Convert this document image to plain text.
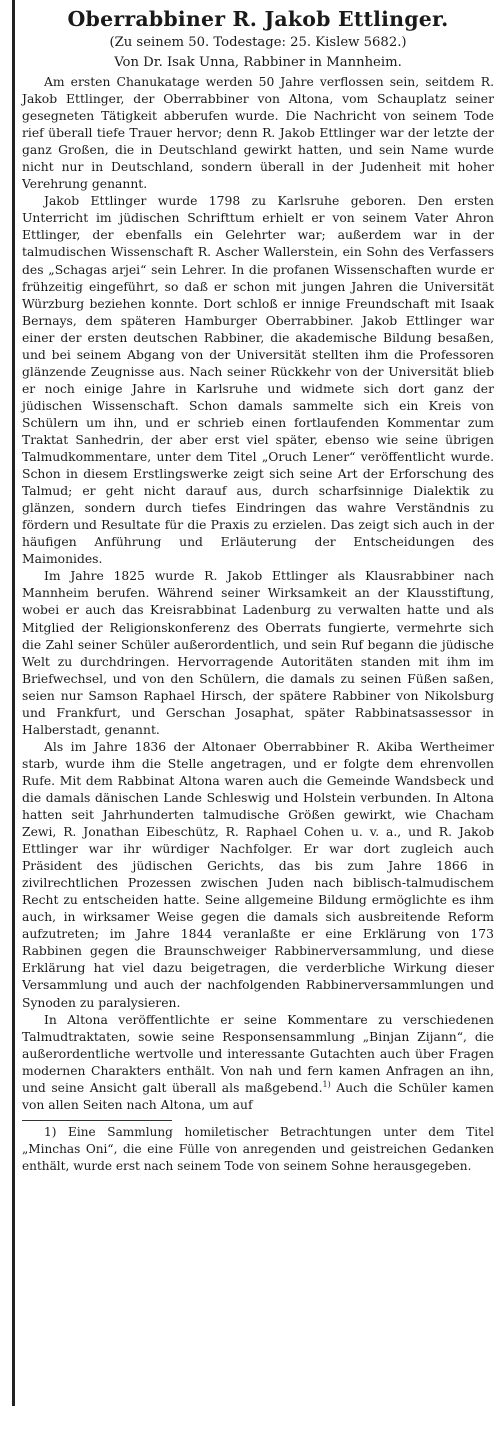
Oberrabbiner R. Jakob Ettlinger.
(Zu seinem 50. Todestage: 25. Kislew 5682.)
Von Dr. Isak Unna, Rabbiner in Mannheim.

Am ersten Chanukatage werden 50 Jahre verflossen sein, seitdem R. Jakob Ettlinger, der Oberrabbiner von Altona, vom Schauplatz seiner gesegneten Tätigkeit abberufen wurde. Die Nachricht von seinem Tode rief überall tiefe Trauer hervor; denn R. Jakob Ettlinger war der letzte der ganz Großen, die in Deutschland gewirkt hatten, und sein Name wurde nicht nur in Deutschland, sondern überall in der Judenheit mit hoher Verehrung genannt.

Jakob Ettlinger wurde 1798 zu Karlsruhe geboren. Den ersten Unterricht im jüdischen Schrifttum erhielt er von seinem Vater Ahron Ettlinger, der ebenfalls ein Gelehrter war; außerdem war in der talmudischen Wissenschaft R. Ascher Wallerstein, ein Sohn des Verfassers des „Schagas arjei“ sein Lehrer. In die profanen Wissenschaften wurde er frühzeitig eingeführt, so daß er schon mit jungen Jahren die Universität Würzburg beziehen konnte. Dort schloß er innige Freundschaft mit Isaak Bernays, dem späteren Hamburger Oberrabbiner. Jakob Ettlinger war einer der ersten deutschen Rabbiner, die akademische Bildung besaßen, und bei seinem Abgang von der Universität stellten ihm die Professoren glänzende Zeugnisse aus. Nach seiner Rückkehr von der Universität blieb er noch einige Jahre in Karlsruhe und widmete sich dort ganz der jüdischen Wissenschaft. Schon damals sammelte sich ein Kreis von Schülern um ihn, und er schrieb einen fortlaufenden Kommentar zum Traktat Sanhedrin, der aber erst viel später, ebenso wie seine übrigen Talmudkommentare, unter dem Titel „Oruch Lener“ veröffentlicht wurde. Schon in diesem Erstlingswerke zeigt sich seine Art der Erforschung des Talmud; er geht nicht darauf aus, durch scharfsinnige Dialektik zu glänzen, sondern durch tiefes Eindringen das wahre Verständnis zu fördern und Resultate für die Praxis zu erzielen. Das zeigt sich auch in der häufigen Anführung und Erläuterung der Entscheidungen des Maimonides.

Im Jahre 1825 wurde R. Jakob Ettlinger als Klausrabbiner nach Mannheim berufen. Während seiner Wirksamkeit an der Klausstiftung, wobei er auch das Kreisrabbinat Ladenburg zu verwalten hatte und als Mitglied der Religionskonferenz des Oberrats fungierte, vermehrte sich die Zahl seiner Schüler außerordentlich, und sein Ruf begann die jüdische Welt zu durchdringen. Hervorragende Autoritäten standen mit ihm im Briefwechsel, und von den Schülern, die damals zu seinen Füßen saßen, seien nur Samson Raphael Hirsch, der spätere Rabbiner von Nikolsburg und Frankfurt, und Gerschan Josaphat, später Rabbinatsassessor in Halberstadt, genannt.

Als im Jahre 1836 der Altonaer Oberrabbiner R. Akiba Wertheimer starb, wurde ihm die Stelle angetragen, und er folgte dem ehrenvollen Rufe. Mit dem Rabbinat Altona waren auch die Gemeinde Wandsbeck und die damals dänischen Lande Schleswig und Holstein verbunden. In Altona hatten seit Jahrhunderten talmudische Größen gewirkt, wie Chacham Zewi, R. Jonathan Eibeschütz, R. Raphael Cohen u. v. a., und R. Jakob Ettlinger war ihr würdiger Nachfolger. Er war dort zugleich auch Präsident des jüdischen Gerichts, das bis zum Jahre 1866 in zivilrechtlichen Prozessen zwischen Juden nach biblisch-talmudischem Recht zu entscheiden hatte. Seine allgemeine Bildung ermöglichte es ihm auch, in wirksamer Weise gegen die damals sich ausbreitende Reform aufzutreten; im Jahre 1844 veranlaßte er eine Erklärung von 173 Rabbinen gegen die Braunschweiger Rabbinerversammlung, und diese Erklärung hat viel dazu beigetragen, die verderbliche Wirkung dieser Versammlung und auch der nachfolgenden Rabbinerversammlungen und Synoden zu paralysieren.

In Altona veröffentlichte er seine Kommentare zu verschiedenen Talmudtraktaten, sowie seine Responsensammlung „Binjan Zijann“, die außerordentliche wertvolle und interessante Gutachten auch über Fragen modernen Charakters enthält. Von nah und fern kamen Anfragen an ihn, und seine Ansicht galt überall als maßgebend.$^{1)}$ Auch die Schüler kamen von allen Seiten nach Altona, um auf

1) Eine Sammlung homiletischer Betrachtungen unter dem Titel „Minchas Oni“, die eine Fülle von anregenden und geistreichen Gedanken enthält, wurde erst nach seinem Tode von seinem Sohne herausgegeben.
